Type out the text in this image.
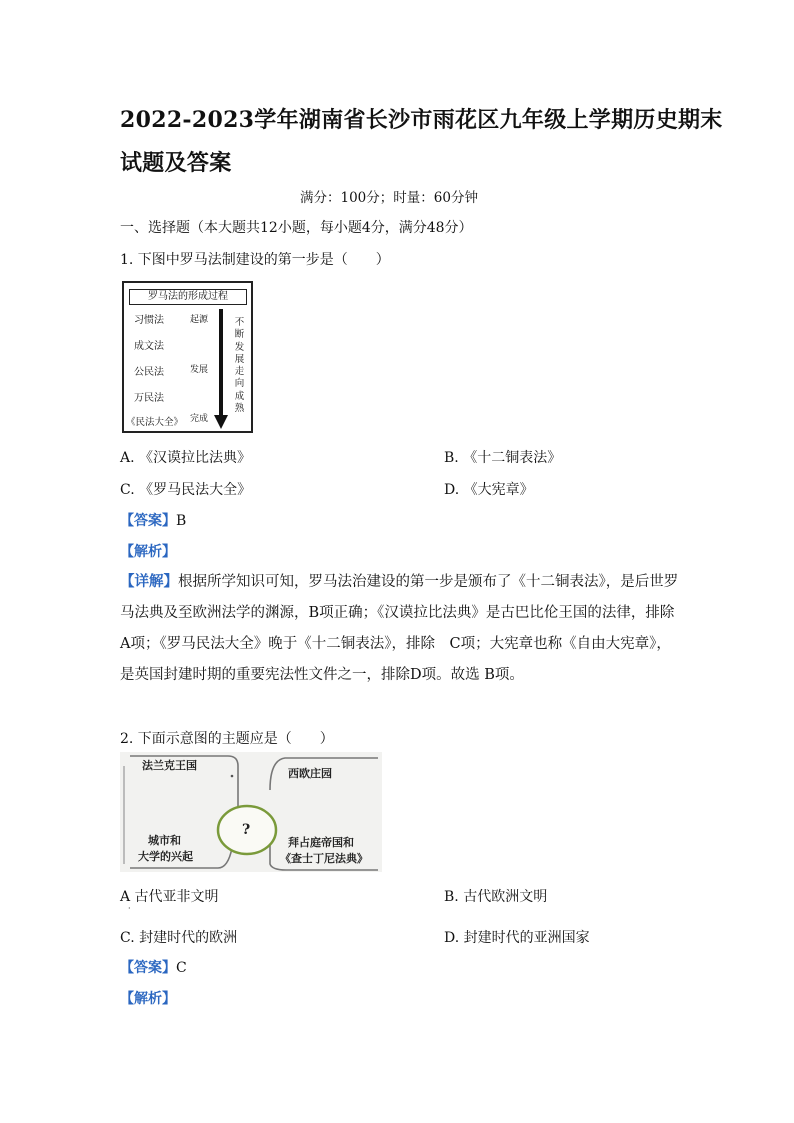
2022-2023学年湖南省长沙市雨花区九年级上学期历史期末
试题及答案
满分：100分；时量：60分钟
一、选择题（本大题共12小题，每小题4分，满分48分）
1. 下图中罗马法制建设的第一步是（　　）
罗马法的形成过程
习惯法
成文法
公民法
万民法
《民法大全》
起源
发展
完成
不
断
发
展
走
向
成
熟
A. 《汉谟拉比法典》	B. 《十二铜表法》
C. 《罗马民法大全》	D. 《大宪章》
【答案】B
【解析】

【详解】根据所学知识可知，罗马法治建设的第一步是颁布了《十二铜表法》，是后世罗

马法典及至欧洲法学的渊源，B项正确；《汉谟拉比法典》是古巴比伦王国的法律，排除

A项；《罗马民法大全》晚于《十二铜表法》，排除　C项；大宪章也称《自由大宪章》，

是英国封建时期的重要宪法性文件之一，排除D项。故选 B项。

2. 下面示意图的主题应是（　　）
法兰克王国
西欧庄园
?
城市和
大学的兴起
拜占庭帝国和
《查士丁尼法典》
A 古代亚非文明
·
B. 古代欧洲文明
C. 封建时代的欧洲	D. 封建时代的亚洲国家
【答案】C
【解析】
